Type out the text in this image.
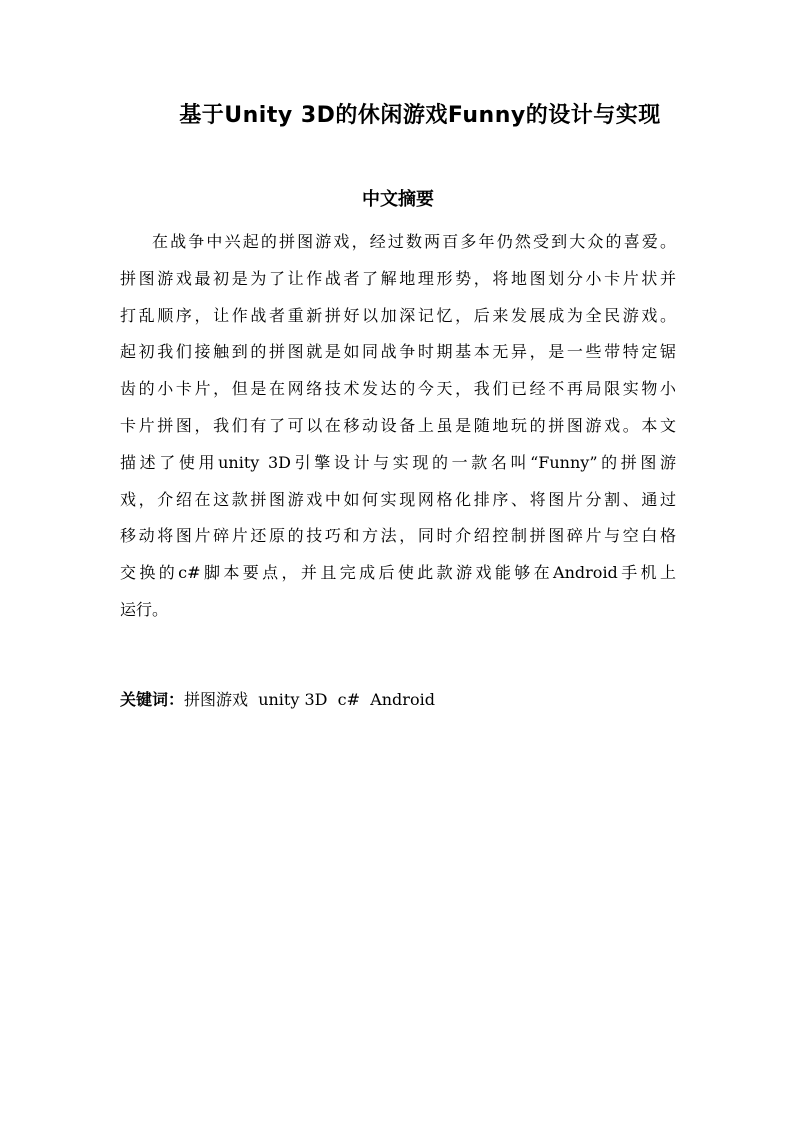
基于Unity 3D的休闲游戏Funny的设计与实现
中文摘要
在战争中兴起的拼图游戏，经过数两百多年仍然受到大众的喜爱。
拼图游戏最初是为了让作战者了解地理形势，将地图划分小卡片状并
打乱顺序，让作战者重新拼好以加深记忆，后来发展成为全民游戏。
起初我们接触到的拼图就是如同战争时期基本无异，是一些带特定锯
齿的小卡片，但是在网络技术发达的今天，我们已经不再局限实物小
卡片拼图，我们有了可以在移动设备上虽是随地玩的拼图游戏。本文
描述了使用unity 3D引擎设计与实现的一款名叫“Funny”的拼图游
戏，介绍在这款拼图游戏中如何实现网格化排序、将图片分割、通过
移动将图片碎片还原的技巧和方法，同时介绍控制拼图碎片与空白格
交换的c#脚本要点，并且完成后使此款游戏能够在Android手机上
运行。
关键词：拼图游戏  unity 3D  c#  Android
